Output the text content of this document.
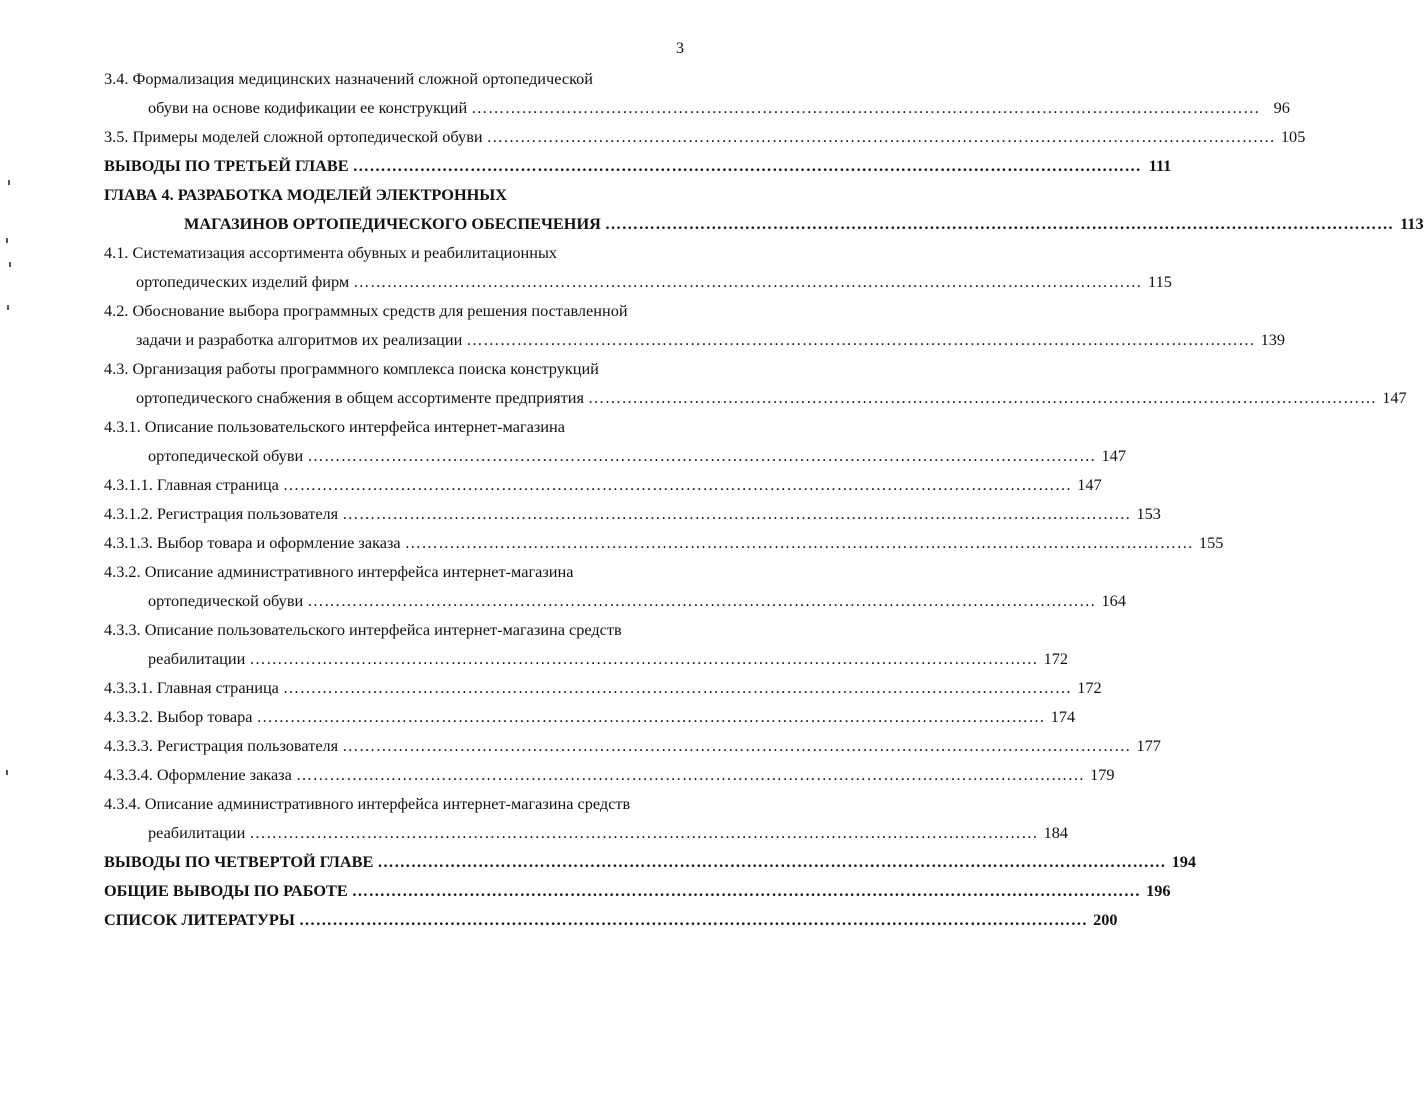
3
3.4. Формализация медицинских назначений сложной ортопедической
обуви на основе кодификации ее конструкций …………………………………………………………………………………………………………………………… 96
3.5. Примеры моделей сложной ортопедической обуви …………………………………………………………………………………………………………………………… 105
ВЫВОДЫ ПО ТРЕТЬЕЙ ГЛАВЕ …………………………………………………………………………………………………………………………… 111
ГЛАВА 4. РАЗРАБОТКА МОДЕЛЕЙ ЭЛЕКТРОННЫХ
МАГАЗИНОВ ОРТОПЕДИЧЕСКОГО ОБЕСПЕЧЕНИЯ …………………………………………………………………………………………………………………………… 113
4.1. Систематизация ассортимента обувных и реабилитационных
ортопедических изделий фирм …………………………………………………………………………………………………………………………… 115
4.2. Обоснование выбора программных средств для решения поставленной
задачи и разработка алгоритмов их реализации …………………………………………………………………………………………………………………………… 139
4.3. Организация работы программного комплекса поиска конструкций
ортопедического снабжения в общем ассортименте предприятия …………………………………………………………………………………………………………………………… 147
4.3.1. Описание пользовательского интерфейса интернет-магазина
ортопедической обуви …………………………………………………………………………………………………………………………… 147
4.3.1.1. Главная страница …………………………………………………………………………………………………………………………… 147
4.3.1.2. Регистрация пользователя …………………………………………………………………………………………………………………………… 153
4.3.1.3. Выбор товара и оформление заказа …………………………………………………………………………………………………………………………… 155
4.3.2. Описание административного интерфейса интернет-магазина
ортопедической обуви …………………………………………………………………………………………………………………………… 164
4.3.3. Описание пользовательского интерфейса интернет-магазина средств
реабилитации …………………………………………………………………………………………………………………………… 172
4.3.3.1. Главная страница …………………………………………………………………………………………………………………………… 172
4.3.3.2. Выбор товара …………………………………………………………………………………………………………………………… 174
4.3.3.3. Регистрация пользователя …………………………………………………………………………………………………………………………… 177
4.3.3.4. Оформление заказа …………………………………………………………………………………………………………………………… 179
4.3.4. Описание административного интерфейса интернет-магазина средств
реабилитации …………………………………………………………………………………………………………………………… 184
ВЫВОДЫ ПО ЧЕТВЕРТОЙ ГЛАВЕ …………………………………………………………………………………………………………………………… 194
ОБЩИЕ ВЫВОДЫ ПО РАБОТЕ …………………………………………………………………………………………………………………………… 196
СПИСОК ЛИТЕРАТУРЫ …………………………………………………………………………………………………………………………… 200
